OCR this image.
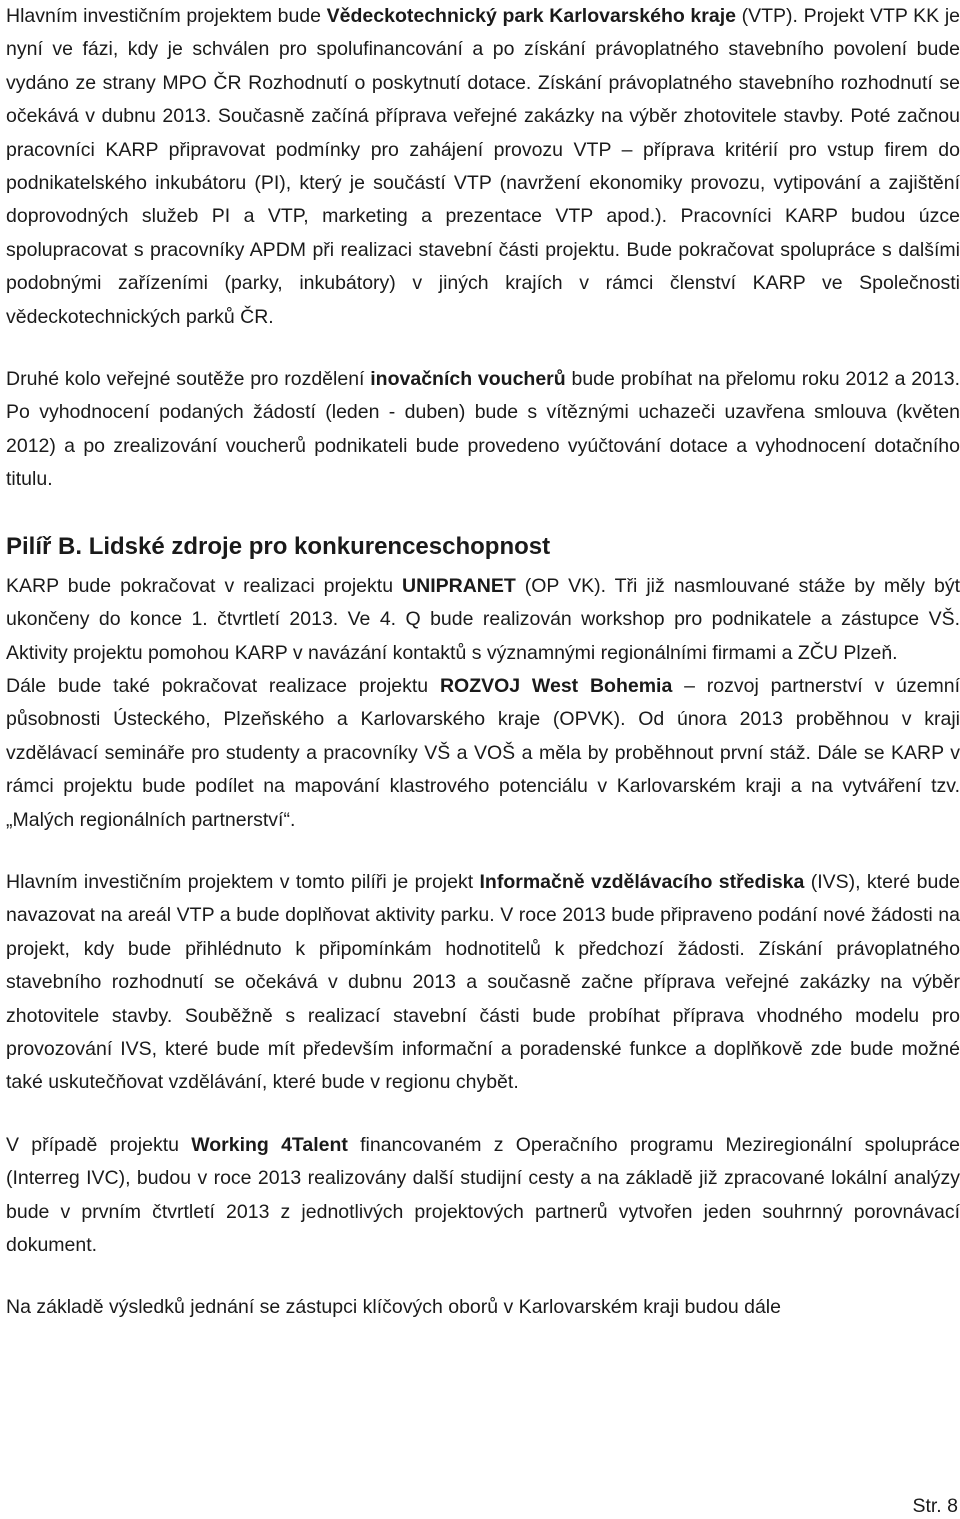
Hlavním investičním projektem bude Vědeckotechnický park Karlovarského kraje (VTP). Projekt VTP KK je nyní ve fázi, kdy je schválen pro spolufinancování a po získání právoplatného stavebního povolení bude vydáno ze strany MPO ČR Rozhodnutí o poskytnutí dotace. Získání právoplatného stavebního rozhodnutí se očekává v dubnu 2013. Současně začíná příprava veřejné zakázky na výběr zhotovitele stavby. Poté začnou pracovníci KARP připravovat podmínky pro zahájení provozu VTP – příprava kritérií pro vstup firem do podnikatelského inkubátoru (PI), který je součástí VTP (navržení ekonomiky provozu, vytipování a zajištění doprovodných služeb PI a VTP, marketing a prezentace VTP apod.). Pracovníci KARP budou úzce spolupracovat s pracovníky APDM při realizaci stavební části projektu. Bude pokračovat spolupráce s dalšími podobnými zařízeními (parky, inkubátory) v jiných krajích v rámci členství KARP ve Společnosti vědeckotechnických parků ČR.

Druhé kolo veřejné soutěže pro rozdělení inovačních voucherů bude probíhat na přelomu roku 2012 a 2013. Po vyhodnocení podaných žádostí (leden - duben) bude s vítěznými uchazeči uzavřena smlouva (květen 2012) a po zrealizování voucherů podnikateli bude provedeno vyúčtování dotace a vyhodnocení dotačního titulu.

Pilíř B. Lidské zdroje pro konkurenceschopnost

KARP bude pokračovat v realizaci projektu UNIPRANET (OP VK). Tři již nasmlouvané stáže by měly být ukončeny do konce 1. čtvrtletí 2013. Ve 4. Q bude realizován workshop pro podnikatele a zástupce VŠ. Aktivity projektu pomohou KARP v navázání kontaktů s významnými regionálními firmami a ZČU Plzeň.

Dále bude také pokračovat realizace projektu ROZVOJ West Bohemia – rozvoj partnerství v územní působnosti Ústeckého, Plzeňského a Karlovarského kraje (OPVK). Od února 2013 proběhnou v kraji vzdělávací semináře pro studenty a pracovníky VŠ a VOŠ a měla by proběhnout první stáž. Dále se KARP v rámci projektu bude podílet na mapování klastrového potenciálu v Karlovarském kraji a na vytváření tzv. „Malých regionálních partnerství“.

Hlavním investičním projektem v tomto pilíři je projekt Informačně vzdělávacího střediska (IVS), které bude navazovat na areál VTP a bude doplňovat aktivity parku. V roce 2013 bude připraveno podání nové žádosti na projekt, kdy bude přihlédnuto k připomínkám hodnotitelů k předchozí žádosti. Získání právoplatného stavebního rozhodnutí se očekává v dubnu 2013 a současně začne příprava veřejné zakázky na výběr zhotovitele stavby. Souběžně s realizací stavební části bude probíhat příprava vhodného modelu pro provozování IVS, které bude mít především informační a poradenské funkce a doplňkově zde bude možné také uskutečňovat vzdělávání, které bude v regionu chybět.

V případě projektu Working 4Talent financovaném z Operačního programu Meziregionální spolupráce (Interreg IVC), budou v roce 2013 realizovány další studijní cesty a na základě již zpracované lokální analýzy bude v prvním čtvrtletí 2013 z jednotlivých projektových partnerů vytvořen jeden souhrnný porovnávací dokument.

Na základě výsledků jednání se zástupci klíčových oborů v Karlovarském kraji budou dále

Str. 8
